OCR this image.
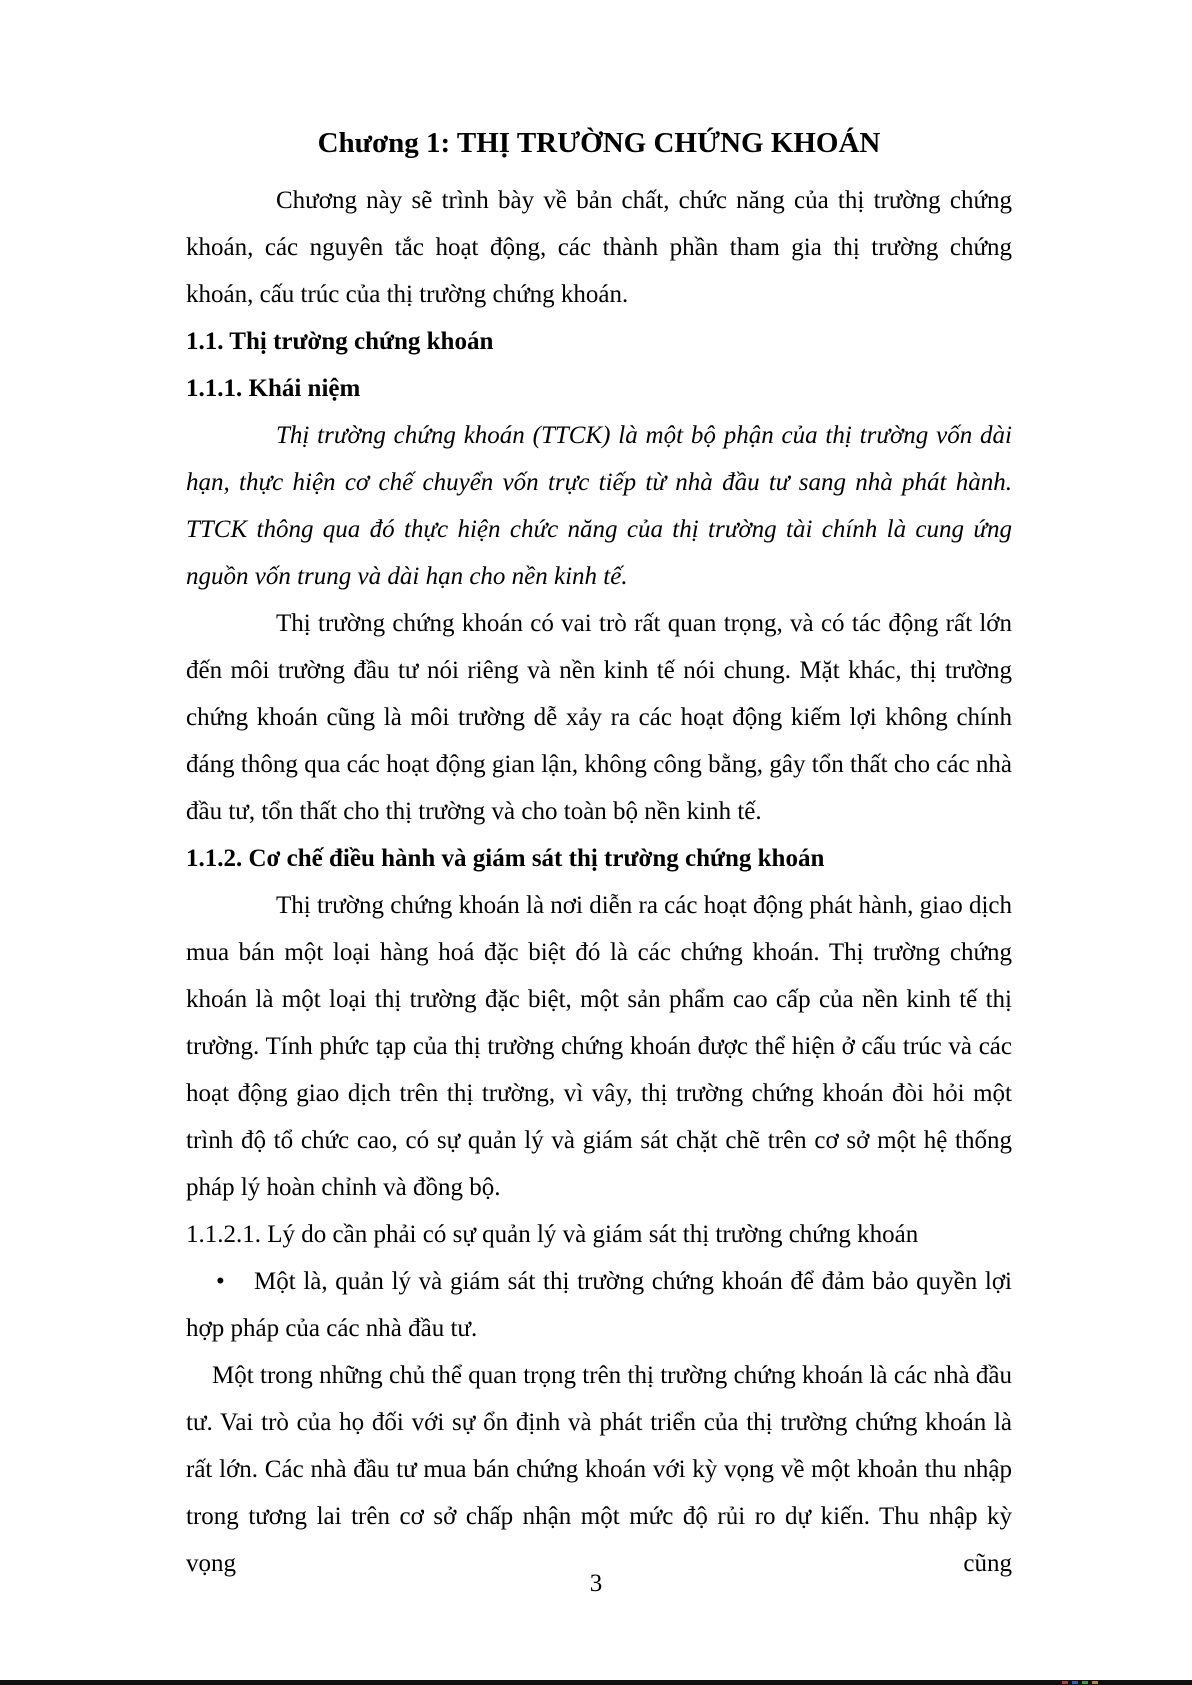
Chương 1: THỊ TRƯỜNG CHỨNG KHOÁN

Chương này sẽ trình bày về bản chất, chức năng của thị trường chứng khoán, các nguyên tắc hoạt động, các thành phần tham gia thị trường chứng khoán, cấu trúc của thị trường chứng khoán.

1.1. Thị trường chứng khoán
1.1.1. Khái niệm

Thị trường chứng khoán (TTCK) là một bộ phận của thị trường vốn dài hạn, thực hiện cơ chế chuyển vốn trực tiếp từ nhà đầu tư sang nhà phát hành. TTCK thông qua đó thực hiện chức năng của thị trường tài chính là cung ứng nguồn vốn trung và dài hạn cho nền kinh tế.

Thị trường chứng khoán có vai trò rất quan trọng, và có tác động rất lớn đến môi trường đầu tư nói riêng và nền kinh tế nói chung. Mặt khác, thị trường chứng khoán cũng là môi trường dễ xảy ra các hoạt động kiếm lợi không chính đáng thông qua các hoạt động gian lận, không công bằng, gây tổn thất cho các nhà đầu tư, tổn thất cho thị trường và cho toàn bộ nền kinh tế.

1.1.2. Cơ chế điều hành và giám sát thị trường chứng khoán

Thị trường chứng khoán là nơi diễn ra các hoạt động phát hành, giao dịch mua bán một loại hàng hoá đặc biệt đó là các chứng khoán. Thị trường chứng khoán là một loại thị trường đặc biệt, một sản phẩm cao cấp của nền kinh tế thị trường. Tính phức tạp của thị trường chứng khoán được thể hiện ở cấu trúc và các hoạt động giao dịch trên thị trường, vì vây, thị trường chứng khoán đòi hỏi một trình độ tổ chức cao, có sự quản lý và giám sát chặt chẽ trên cơ sở một hệ thống pháp lý hoàn chỉnh và đồng bộ.

1.1.2.1. Lý do cần phải có sự quản lý và giám sát thị trường chứng khoán

• Một là, quản lý và giám sát thị trường chứng khoán để đảm bảo quyền lợi hợp pháp của các nhà đầu tư.

Một trong những chủ thể quan trọng trên thị trường chứng khoán là các nhà đầu tư. Vai trò của họ đối với sự ổn định và phát triển của thị trường chứng khoán là rất lớn. Các nhà đầu tư mua bán chứng khoán với kỳ vọng về một khoản thu nhập trong tương lai trên cơ sở chấp nhận một mức độ rủi ro dự kiến. Thu nhập kỳ vọng cũng

3
